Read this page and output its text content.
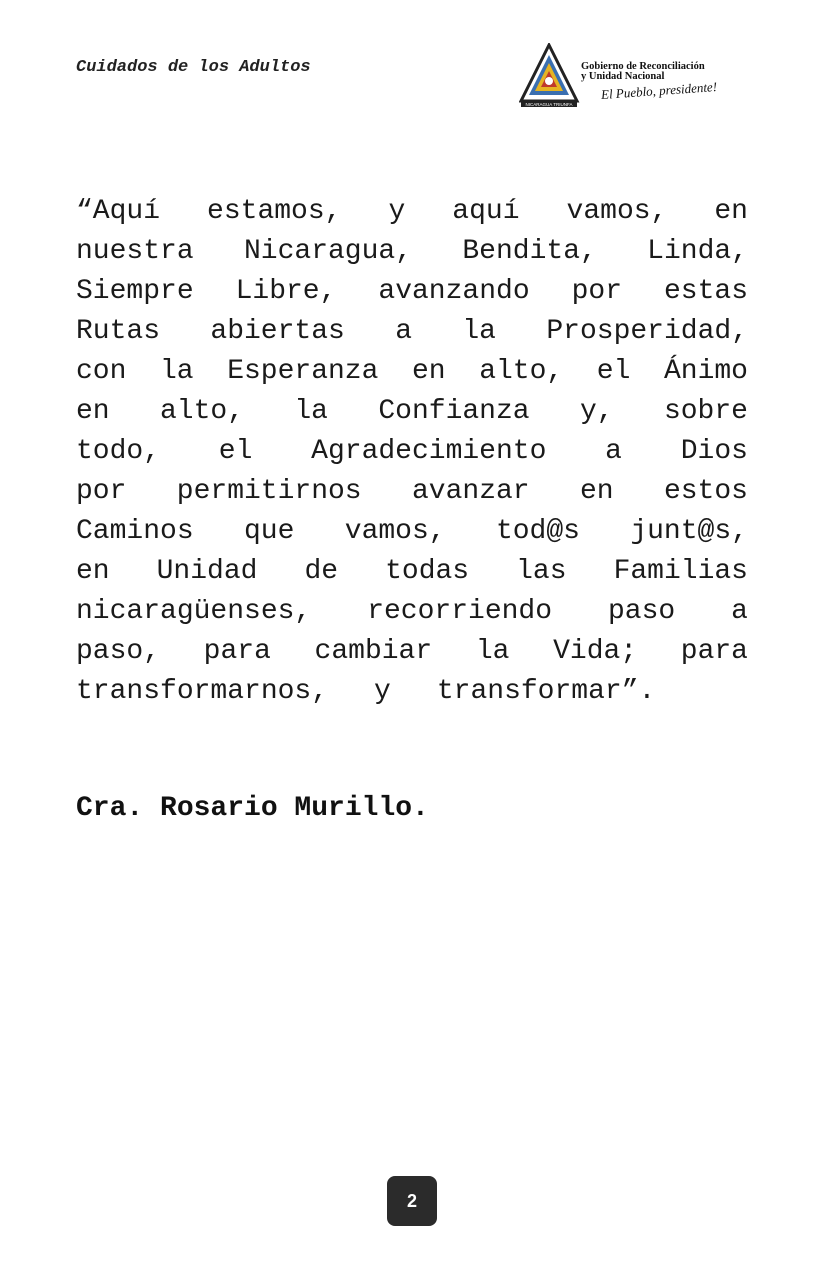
Cuidados de los Adultos
NICARAGUA TRIUNFA
Gobierno de Reconciliación
y Unidad Nacional
El Pueblo, presidente!
“Aquí estamos, y aquí vamos, en
nuestra Nicaragua, Bendita, Linda,
Siempre Libre, avanzando por estas
Rutas abiertas a la Prosperidad,
con la Esperanza en alto, el Ánimo
en alto, la Confianza y, sobre
todo, el Agradecimiento a Dios
por permitirnos avanzar en estos
Caminos que vamos, tod@s junt@s,
en Unidad de todas las Familias
nicaragüenses, recorriendo paso a
paso, para cambiar la Vida; para
transformarnos, y transformar”.
Cra. Rosario Murillo.
2
